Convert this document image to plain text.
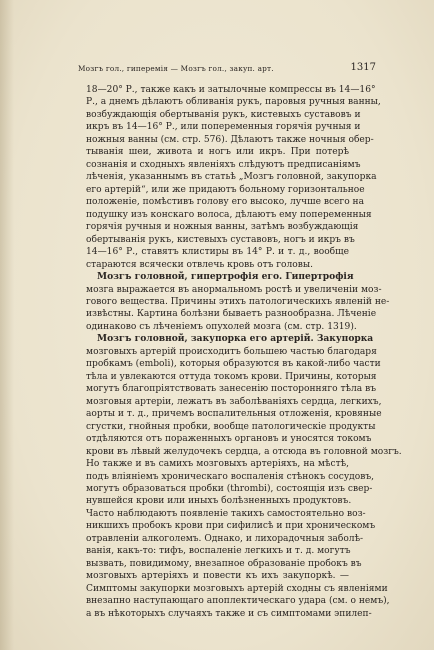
Мозгъ гол., гиперемія — Мозгъ гол., закуп. арт.	1317
18—20° Р., также какъ и затылочные компрессы въ 14—16°
Р., а днемъ дѣлаютъ обливанія рукъ, паровыя ручныя ванны,
возбуждающія обертыванія рукъ, кистевыхъ суставовъ и
икръ въ 14—16° Р., или попеременныя горячія ручныя и
ножныя ванны (см. стр. 576). Дѣлаютъ также ночныя обер-
тыванія шеи, живота и ногъ или икръ. При потерѣ
сознанія и сходныхъ явленіяхъ слѣдуютъ предписаніямъ
лѣченія, указаннымъ въ статьѣ „Мозгъ головной, закупорка
его артерій“, или же придаютъ больному горизонтальное
положеніе, помѣстивъ голову его высоко, лучше всего на
подушку изъ конскаго волоса, дѣлаютъ ему попеременныя
горячія ручныя и ножныя ванны, затѣмъ возбуждающія
обертыванія рукъ, кистевыхъ суставовъ, ногъ и икръ въ
14—16° Р., ставятъ клистиры въ 14° Р. и т. д., вообще
стараются всячески отвлечь кровь отъ головы.
Мозгъ головной, гипертрофія его. Гипертрофія
мозга выражается въ анормальномъ ростѣ и увеличеніи моз-
гового вещества. Причины этихъ патологическихъ явленій не-
извѣстны. Картина болѣзни бываетъ разнообразна. Лѣченіе
одинаково съ лѣченіемъ опухолей мозга (см. стр. 1319).
Мозгъ головной, закупорка его артерій. Закупорка
мозговыхъ артерій происходитъ большею частью благодаря
пробкамъ (emboli), которыя образуются въ какой-либо части
тѣла и увлекаются оттуда токомъ крови. Причины, которыя
могутъ благопріятствовать занесенію посторонняго тѣла въ
мозговыя артеріи, лежатъ въ заболѣваніяхъ сердца, легкихъ,
аорты и т. д., причемъ воспалительныя отложенія, кровяные
сгустки, гнойныя пробки, вообще патологическіе продукты
отдѣляются отъ пораженныхъ органовъ и уносятся токомъ
крови въ лѣвый желудочекъ сердца, а отсюда въ головной мозгъ.
Но также и въ самихъ мозговыхъ артеріяхъ, на мѣстѣ,
подъ вліяніемъ хроническаго воспаленія стѣнокъ сосудовъ,
могутъ образоваться пробки (thrombi), состоящія изъ свер-
нувшейся крови или иныхъ болѣзненныхъ продуктовъ.
Часто наблюдаютъ появленіе такихъ самостоятельно воз-
никшихъ пробокъ крови при сифилисѣ и при хроническомъ
отравленіи алкоголемъ. Однако, и лихорадочныя заболѣ-
ванія, какъ-то: тифъ, воспаленіе легкихъ и т. д. могутъ
вызвать, повидимому, внезапное образованіе пробокъ въ
мозговыхъ артеріяхъ и повести къ ихъ закупоркѣ. —
Симптомы закупорки мозговыхъ артерій сходны съ явленіями
внезапно наступающаго апоплектическаго удара (см. о немъ),
а въ нѣкоторыхъ случаяхъ также и съ симптомами эпилеп-
